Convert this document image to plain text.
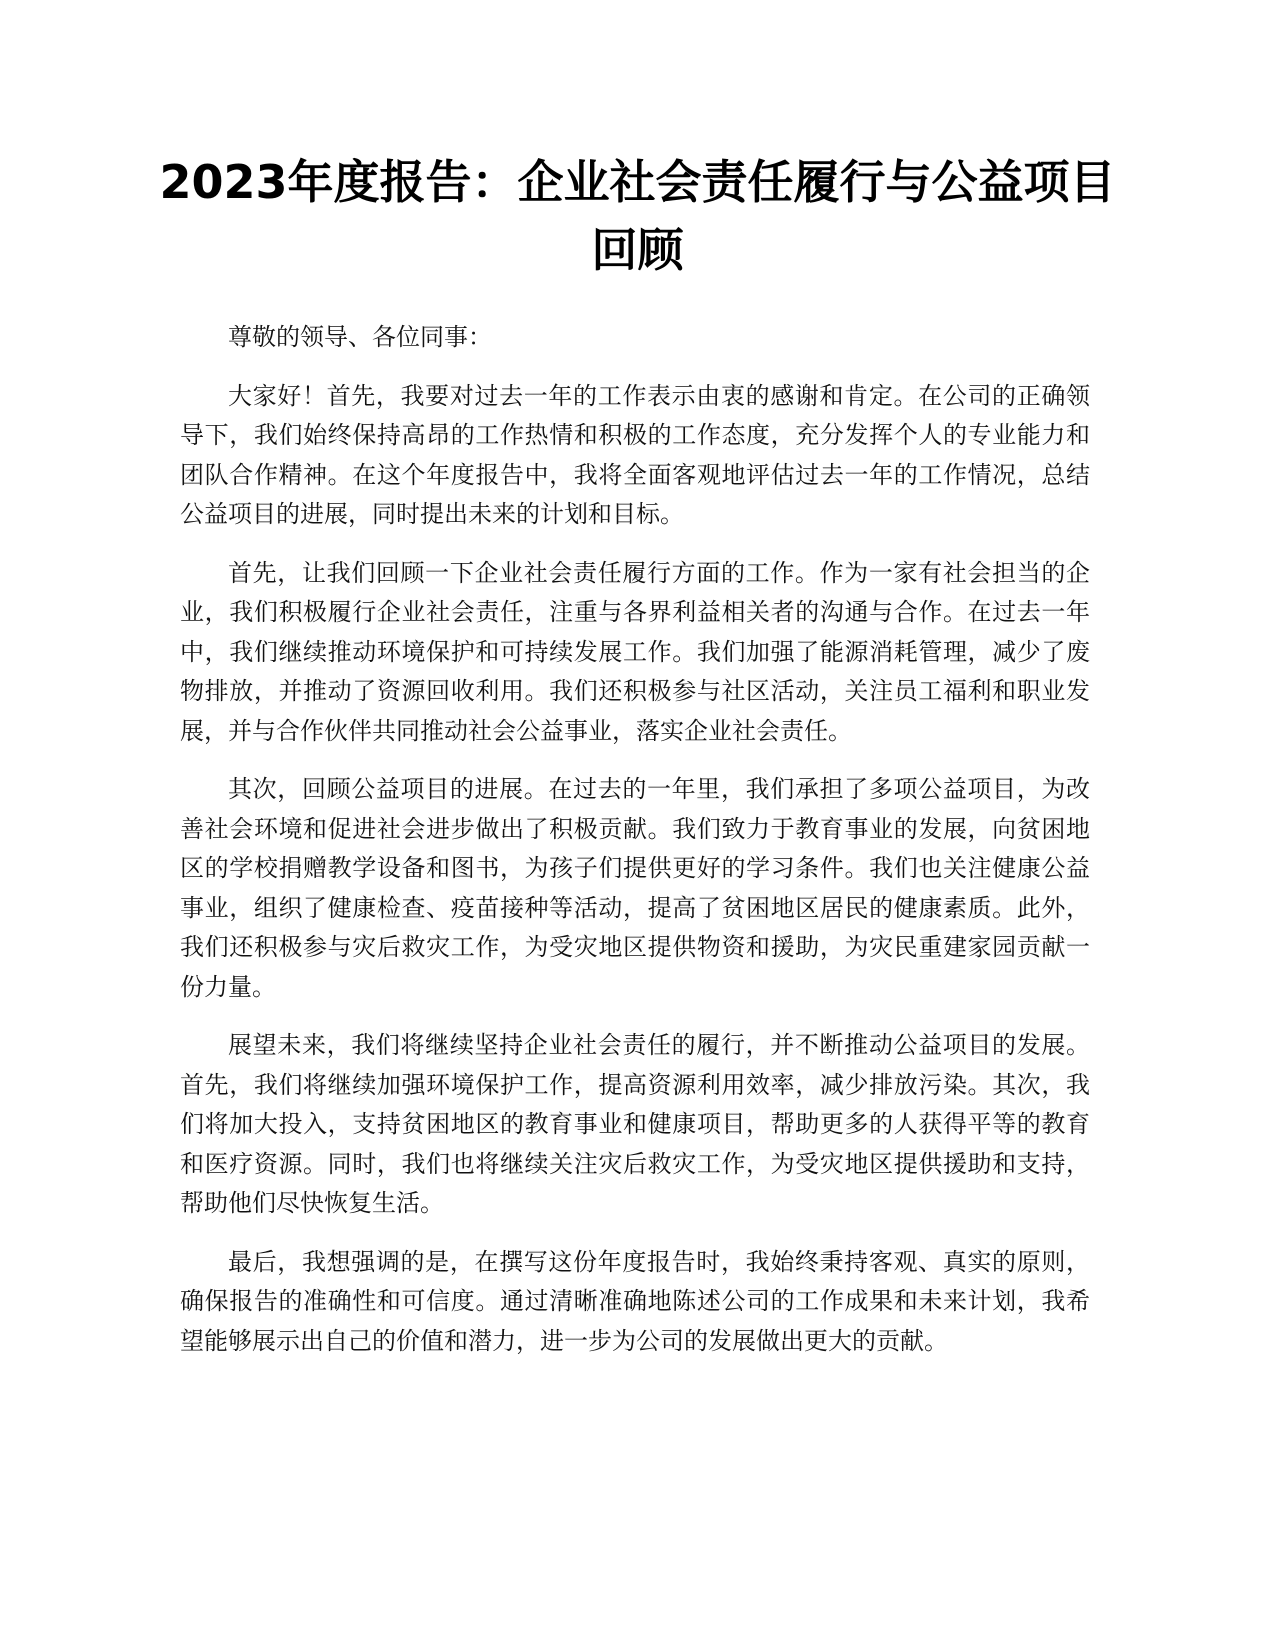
2023年度报告：企业社会责任履行与公益项目回顾

尊敬的领导、各位同事：

大家好！首先，我要对过去一年的工作表示由衷的感谢和肯定。在公司的正确领导下，我们始终保持高昂的工作热情和积极的工作态度，充分发挥个人的专业能力和团队合作精神。在这个年度报告中，我将全面客观地评估过去一年的工作情况，总结公益项目的进展，同时提出未来的计划和目标。

首先，让我们回顾一下企业社会责任履行方面的工作。作为一家有社会担当的企业，我们积极履行企业社会责任，注重与各界利益相关者的沟通与合作。在过去一年中，我们继续推动环境保护和可持续发展工作。我们加强了能源消耗管理，减少了废物排放，并推动了资源回收利用。我们还积极参与社区活动，关注员工福利和职业发展，并与合作伙伴共同推动社会公益事业，落实企业社会责任。

其次，回顾公益项目的进展。在过去的一年里，我们承担了多项公益项目，为改善社会环境和促进社会进步做出了积极贡献。我们致力于教育事业的发展，向贫困地区的学校捐赠教学设备和图书，为孩子们提供更好的学习条件。我们也关注健康公益事业，组织了健康检查、疫苗接种等活动，提高了贫困地区居民的健康素质。此外，我们还积极参与灾后救灾工作，为受灾地区提供物资和援助，为灾民重建家园贡献一份力量。

展望未来，我们将继续坚持企业社会责任的履行，并不断推动公益项目的发展。首先，我们将继续加强环境保护工作，提高资源利用效率，减少排放污染。其次，我们将加大投入，支持贫困地区的教育事业和健康项目，帮助更多的人获得平等的教育和医疗资源。同时，我们也将继续关注灾后救灾工作，为受灾地区提供援助和支持，帮助他们尽快恢复生活。

最后，我想强调的是，在撰写这份年度报告时，我始终秉持客观、真实的原则，确保报告的准确性和可信度。通过清晰准确地陈述公司的工作成果和未来计划，我希望能够展示出自己的价值和潜力，进一步为公司的发展做出更大的贡献。
